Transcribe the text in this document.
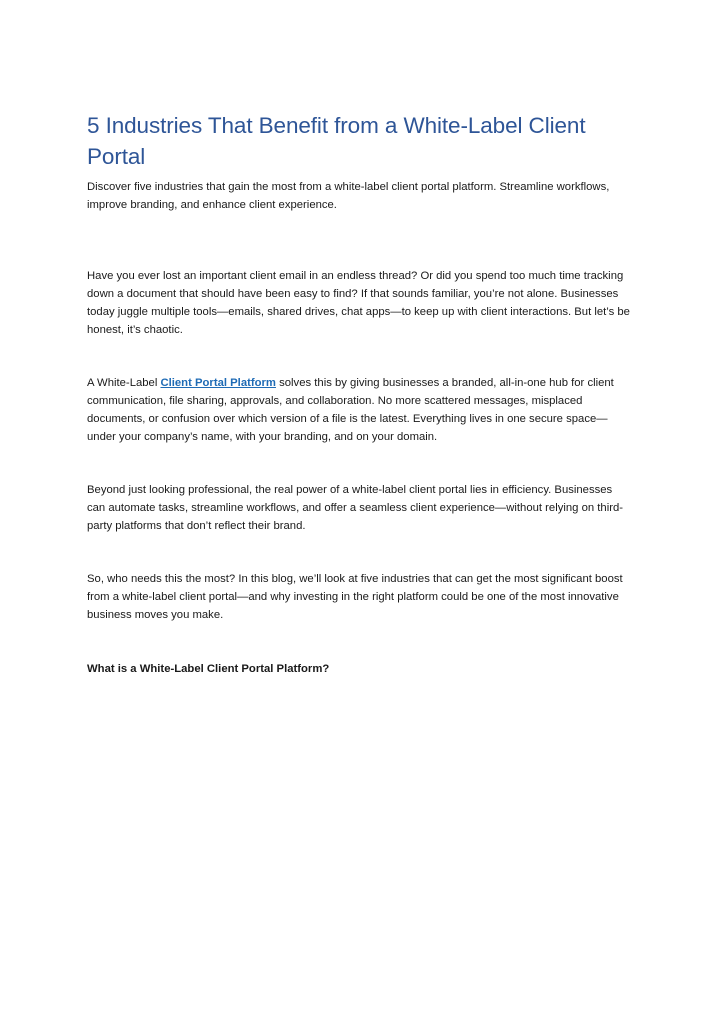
5 Industries That Benefit from a White-Label Client Portal

Discover five industries that gain the most from a white-label client portal platform. Streamline workflows, improve branding, and enhance client experience.

Have you ever lost an important client email in an endless thread? Or did you spend too much time tracking down a document that should have been easy to find? If that sounds familiar, you’re not alone. Businesses today juggle multiple tools—emails, shared drives, chat apps—to keep up with client interactions. But let’s be honest, it’s chaotic.

A White-Label Client Portal Platform solves this by giving businesses a branded, all-in-one hub for client communication, file sharing, approvals, and collaboration. No more scattered messages, misplaced documents, or confusion over which version of a file is the latest. Everything lives in one secure space—under your company’s name, with your branding, and on your domain.

Beyond just looking professional, the real power of a white-label client portal lies in efficiency. Businesses can automate tasks, streamline workflows, and offer a seamless client experience—without relying on third-party platforms that don’t reflect their brand.

So, who needs this the most? In this blog, we’ll look at five industries that can get the most significant boost from a white-label client portal—and why investing in the right platform could be one of the most innovative business moves you make.

What is a White-Label Client Portal Platform?
